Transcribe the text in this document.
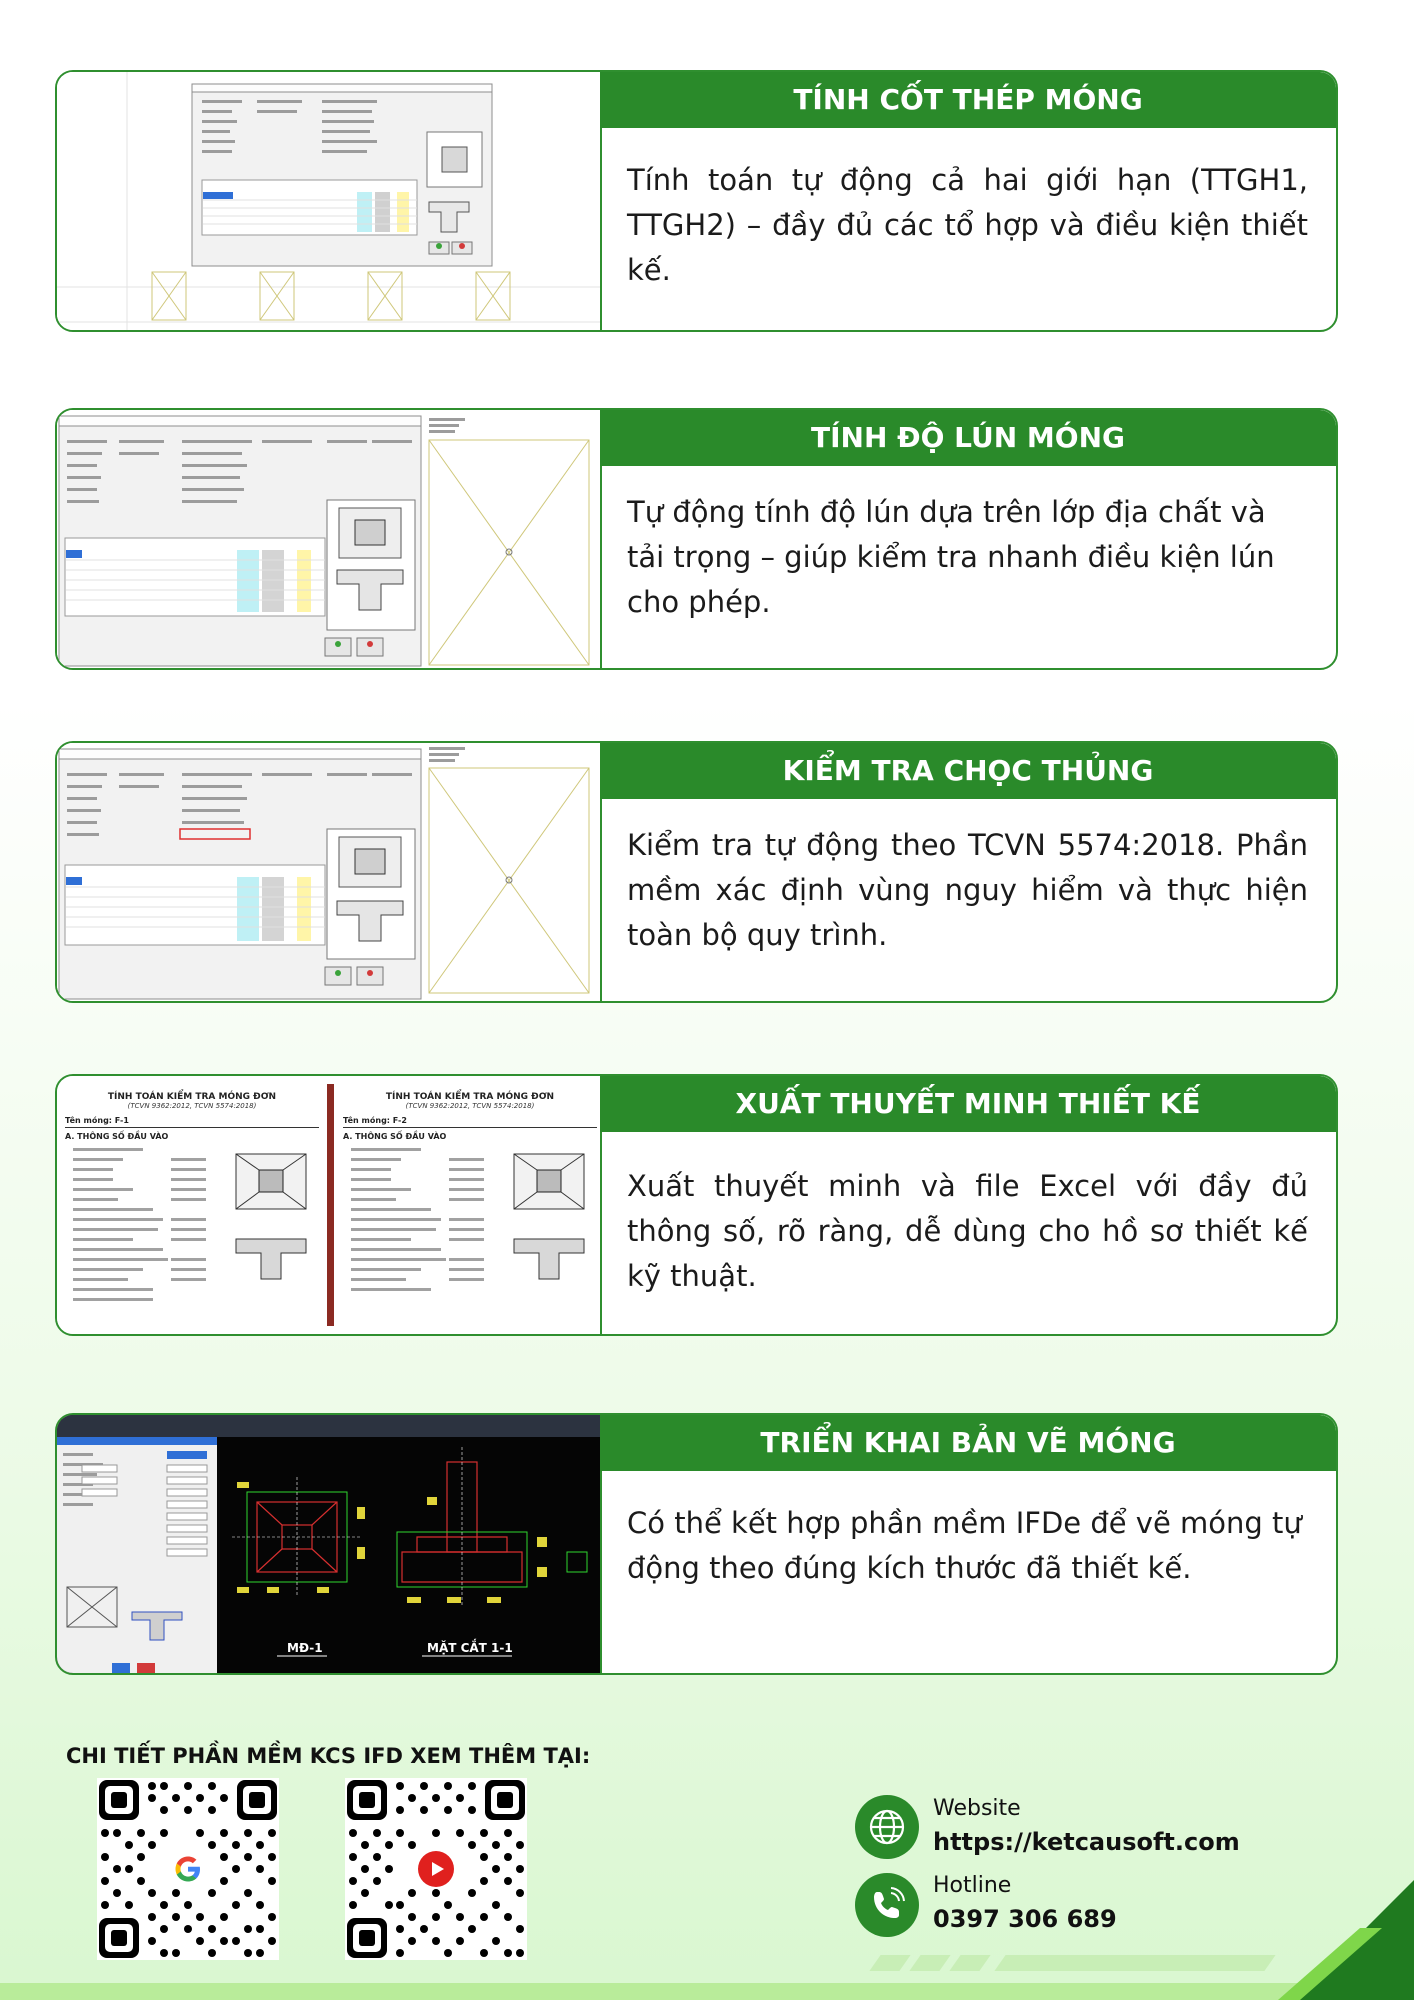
TÍNH CỐT THÉP MÓNG
Tính toán tự động cả hai giới hạn (TTGH1, TTGH2) – đầy đủ các tổ hợp và điều kiện thiết kế.
TÍNH ĐỘ LÚN MÓNG
Tự động tính độ lún dựa trên lớp địa chất và tải trọng – giúp kiểm tra nhanh điều kiện lún cho phép.
KIỂM TRA CHỌC THỦNG
Kiểm tra tự động theo TCVN 5574:2018. Phần mềm xác định vùng nguy hiểm và thực hiện toàn bộ quy trình.
TÍNH TOÁN KIỂM TRA MÓNG ĐƠN
(TCVN 9362:2012, TCVN 5574:2018)
Tên móng: F-1
A. THÔNG SỐ ĐẦU VÀO
TÍNH TOÁN KIỂM TRA MÓNG ĐƠN
(TCVN 9362:2012, TCVN 5574:2018)
Tên móng: F-2
A. THÔNG SỐ ĐẦU VÀO
XUẤT THUYẾT MINH THIẾT KẾ
Xuất thuyết minh và file Excel với đầy đủ thông số, rõ ràng, dễ dùng cho hồ sơ thiết kế kỹ thuật.
MĐ-1	MẶT CẮT 1-1
TRIỂN KHAI BẢN VẼ MÓNG
Có thể kết hợp phần mềm IFDe để vẽ móng tự động theo đúng kích thước đã thiết kế.
CHI TIẾT PHẦN MỀM KCS IFD XEM THÊM TẠI:
Website
https://ketcausoft.com
Hotline
0397 306 689
